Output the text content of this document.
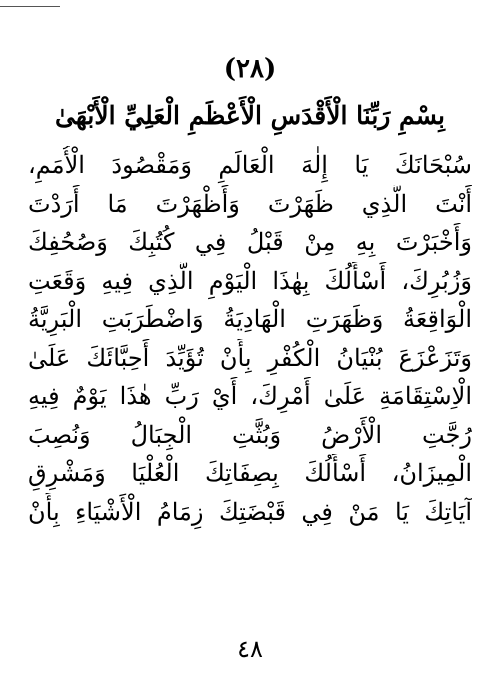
(٢٨)
بِسْمِ رَبِّنَا الْأَقْدَسِ الْأَعْظَمِ الْعَلِيِّ الْأَبْهَىٰ
سُبْحَانَكَ يَا إِلٰهَ الْعَالَمِ وَمَقْصُودَ الْأُمَمِ،
أَنْتَ الَّذِي ظَهَرْتَ وَأَظْهَرْتَ مَا أَرَدْتَ
وَأَخْبَرْتَ بِهِ مِنْ قَبْلُ فِي كُتُبِكَ وَصُحُفِكَ
وَزُبُرِكَ، أَسْأَلُكَ بِهٰذَا الْيَوْمِ الَّذِي فِيهِ وَقَعَتِ
الْوَاقِعَةُ وَظَهَرَتِ الْهَادِيَةُ وَاضْطَرَبَتِ الْبَرِيَّةُ
وَتَزَعْزَعَ بُنْيَانُ الْكُفْرِ بِأَنْ تُؤَيِّدَ أَحِبَّائَكَ عَلَىٰ
الْاِسْتِقَامَةِ عَلَىٰ أَمْرِكَ، أَيْ رَبِّ هٰذَا يَوْمٌ فِيهِ
رُجَّتِ الْأَرْضُ وَبُثَّتِ الْجِبَالُ وَنُصِبَ
الْمِيزَانُ، أَسْأَلُكَ بِصِفَاتِكَ الْعُلْيَا وَمَشْرِقِ
آيَاتِكَ يَا مَنْ فِي قَبْضَتِكَ زِمَامُ الْأَشْيَاءِ بِأَنْ
٤٨
